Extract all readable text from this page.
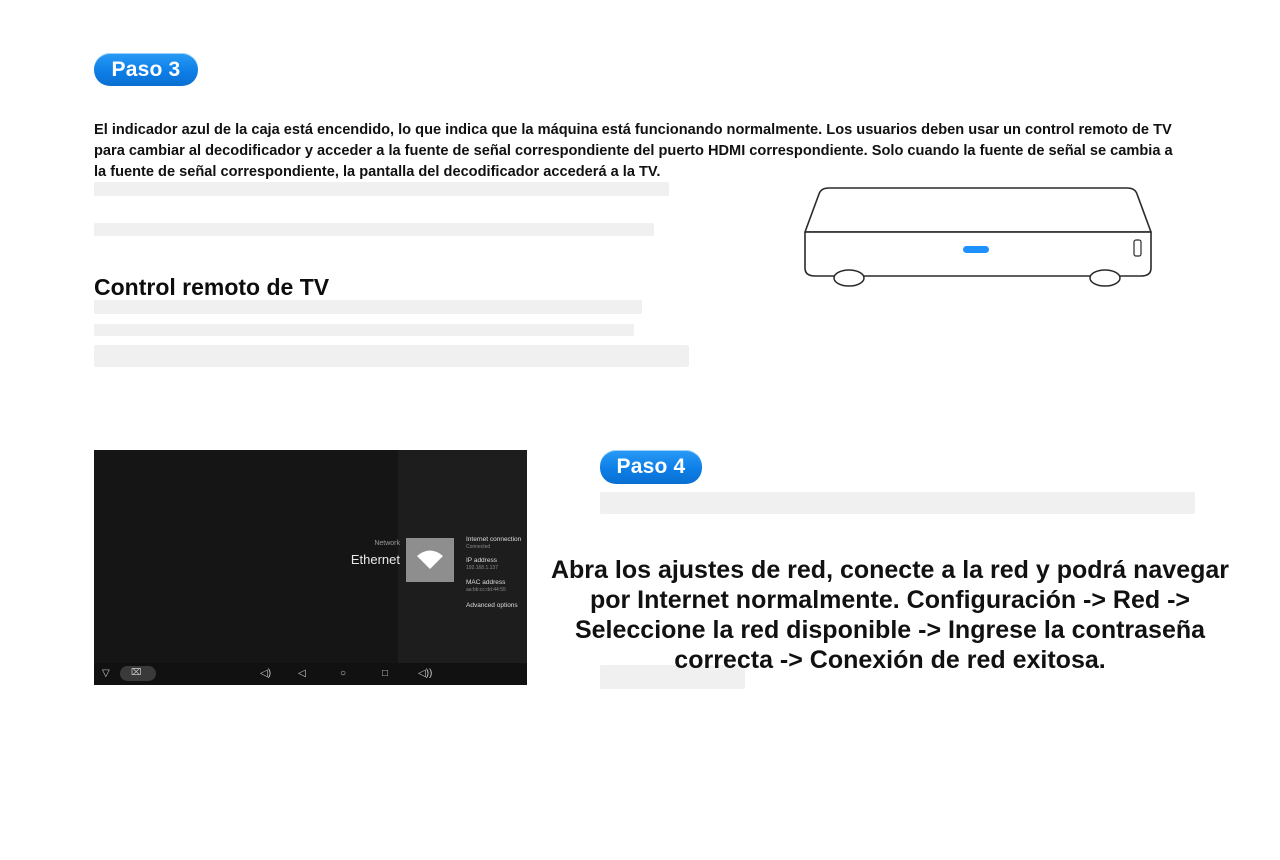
Paso 3

El indicador azul de la caja está encendido, lo que indica que la máquina está funcionando normalmente. Los usuarios deben usar un control remoto de TV para cambiar al decodificador y acceder a la fuente de señal correspondiente del puerto HDMI correspondiente. Solo cuando la fuente de señal se cambia a la fuente de señal correspondiente, la pantalla del decodificador accederá a la TV.

Control remoto de TV
Paso 4

Abra los ajustes de red, conecte a la red y podrá navegar por Internet normalmente. Configuración -> Red -> Seleccione la red disponible -> Ingrese la contraseña correcta -> Conexión de red exitosa.

Network
Ethernet
Internet connection
Connected
IP address
192.168.1.137
MAC address
aa:bb:cc:dd:44:55
Advanced options
▽ ⌧	◁)	◁	○	□	◁))
